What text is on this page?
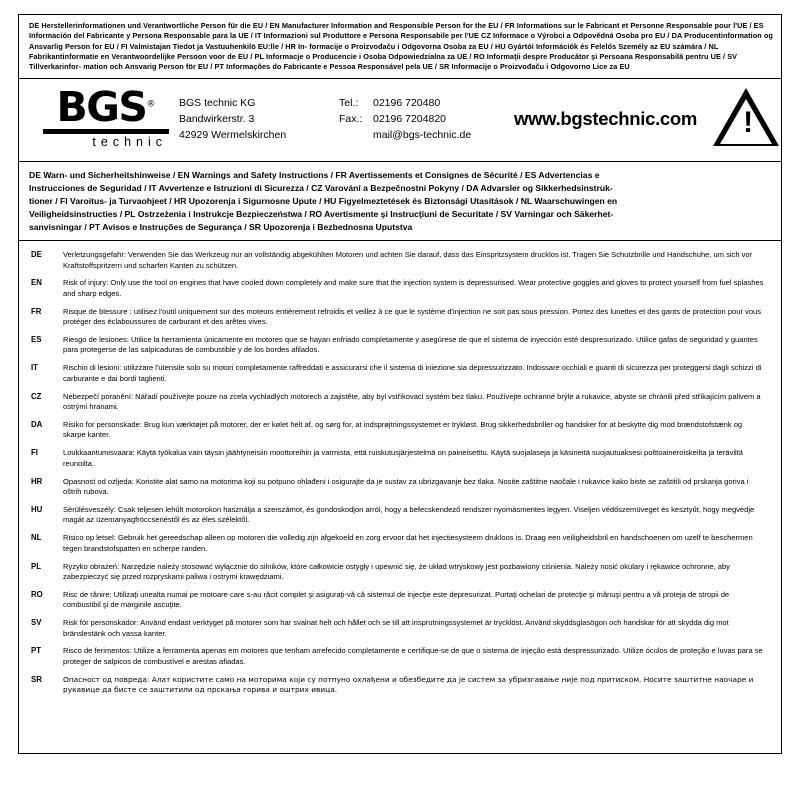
DE Herstellerinformationen und Verantwortliche Person für die EU / EN Manufacturer Information and Responsible Person for the EU / FR Informations sur le Fabricant et Personne Responsable pour l'UE / ES Información del Fabricante y Persona Responsable para la UE / IT Informazioni sul Produttore e Persona Responsabile per l'UE CZ Informace o Výrobci a Odpovědná Osoba pro EU / DA Producentinformation og Ansvarlig Person for EU / FI Valmistajan Tiedot ja Vastuuhenkilö EU:lle / HR In- formacije o Proizvođaču i Odgovorna Osoba za EU / HU Gyártói Információk és Felelős Személy az EU számára / NL Fabrikantinformatie en Verantwoordelijke Persoon voor de EU / PL Informacje o Producencie i Osoba Odpowiedzialna za UE / RO Informaţii despre Producător şi Persoana Responsabilă pentru UE / SV Tillverkarinfor- mation och Ansvarig Person för EU / PT Informações do Fabricante e Pessoa Responsável pela UE / SR Informacije o Proizvođaču i Odgovorno Lice za EU
BGS®
technic
BGS technic KG
Bandwirkerstr. 3
42929 Wermelskirchen
Tel.:	02196 720480
Fax.:	02196 7204820
mail@bgs-technic.de
www.bgstechnic.com !
DE Warn- und Sicherheitshinweise / EN Warnings and Safety Instructions / FR Avertissements et Consignes de Sécurité / ES Advertencias e
Instrucciones de Seguridad / IT Avvertenze e Istruzioni di Sicurezza / CZ Varování a Bezpečnostní Pokyny / DA Advarsler og Sikkerhedsinstruk-
tioner / FI Varoitus- ja Turvaohjeet / HR Upozorenja i Sigurnosne Upute / HU Figyelmeztetések és Biztonsági Utasítások / NL Waarschuwingen en
Veiligheidsinstructies / PL Ostrzeżenia i Instrukcje Bezpieczeństwa / RO Avertismente şi Instrucţiuni de Securitate / SV Varningar och Säkerhet-
sanvisningar / PT Avisos e Instruções de Segurança / SR Upozorenja i Bezbednosna Uputstva
DE	Verletzungsgefahr: Verwenden Sie das Werkzeug nur an vollständig abgekühlten Motoren und achten Sie darauf, dass das Einspritzsystem drucklos ist. Tragen Sie Schutzbrille und Handschuhe, um sich vor Kraftstoffspritzern und scharfen Kanten zu schützen.
EN	Risk of injury: Only use the tool on engines that have cooled down completely and make sure that the injection system is depressurised. Wear protective goggles and gloves to protect yourself from fuel splashes and sharp edges.
FR	Risque de blessure : utilisez l'outil uniquement sur des moteurs entièrement refroidis et veillez à ce que le système d'injection ne soit pas sous pression. Portez des lunettes et des gants de protection pour vous protéger des éclaboussures de carburant et des arêtes vives.
ES	Riesgo de lesiones: Utilice la herramienta únicamente en motores que se hayan enfriado completamente y asegúrese de que el sistema de inyección esté despresurizado. Utilice gafas de seguridad y guantes para protegerse de las salpicaduras de combustible y de los bordes afilados.
IT	Rischio di lesioni: utilizzare l'utensile solo su motori completamente raffreddati e assicurarsi che il sistema di iniezione sia depressurizzato. Indossare occhiali e guanti di sicurezza per proteggersi dagli schizzi di carburante e dai bordi taglienti.
CZ	Nebezpečí poranění: Nářadí používejte pouze na zcela vychladlých motorech a zajistěte, aby byl vstřikovací systém bez tlaku. Používejte ochranné brýle a rukavice, abyste se chránili před stříkajícím palivem a ostrými hranami.
DA	Risiko for personskade: Brug kun værktøjet på motorer, der er kølet helt af, og sørg for, at indsprøjtningssystemet er trykløst. Brug sikkerhedsbriller og handsker for at beskytte dig mod brændstofstænk og skarpe kanter.
FI	Loukkaantumisvaara: Käytä työkalua vain täysin jäähtyneisiin moottoreihin ja varmista, että ruiskutusjärjestelmä on paineisetttu. Käytä suojalaseja ja käsineitä suojautuaksesi polttoaineroiskeilta ja teräviltä reunoilta.
HR	Opasnost od ozljeda: Koristite alat samo na motorima koji su potpuno ohlađeni i osigurajte da je sustav za ubrizgavanje bez tlaka. Nosite zaštitne naočale i rukavice kako biste se zaštitili od prskanja goriva i oštrih rubova.
HU	Sérülésveszély: Csak teljesen lehűlt motorokon használja a szerszámot, és gondoskodjon arról, hogy a befecskendező rendszer nyomásmentes legyen. Viseljen védőszemüveget és kesztyűt, hogy megvédje magát az üzemanyagfröccsenéstől és az éles szélektől.
NL	Risico op letsel: Gebruik het gereedschap alleen op motoren die volledig zijn afgekoeld en zorg ervoor dat het injectiesysteem drukloos is. Draag een veiligheidsbril en handschoenen om uzelf te beschermen tegen brandstofspatten en scherpe randen.
PL	Ryzyko obrażeń: Narzędzie należy stosować wyłącznie do silników, które całkowicie ostygły i upewnić się, że układ wtryskowy jest pozbawiony ciśnienia. Należy nosić okulary i rękawice ochronne, aby zabezpieczyć się przed rozpryskami paliwa i ostrymi krawędziami.
RO	Risc de rănire: Utilizaţi unealta numai pe motoare care s-au răcit complet şi asiguraţi-vă că sistemul de injecţie este depresurizat. Purtaţi ochelari de protecţie şi mănuşi pentru a vă proteja de stropii de combustibil şi de marginile ascuţite.
SV	Risk för personskador: Använd endast verktyget på motorer som har svalnat helt och hållet och se till att insprutningssystemet är trycklöst. Använd skyddsglasögon och handskar för att skydda dig mot bränslestänk och vassa kanter.
PT	Risco de ferimentos: Utilize a ferramenta apenas em motores que tenham arrefecido completamente e certifique-se de que o sistema de injeção está despressurizado. Utilize óculos de proteção e luvas para se proteger de salpicos de combustível e arestas afiadas.
SR	Опасност од повреда: Алат користите само на моторима који су потпуно охлађени и обезбедите да је систем за убризгавање није под притиском. Носите заштитне наочаре и рукавице да бисте се заштитили од прскања горива и оштрих ивица.
